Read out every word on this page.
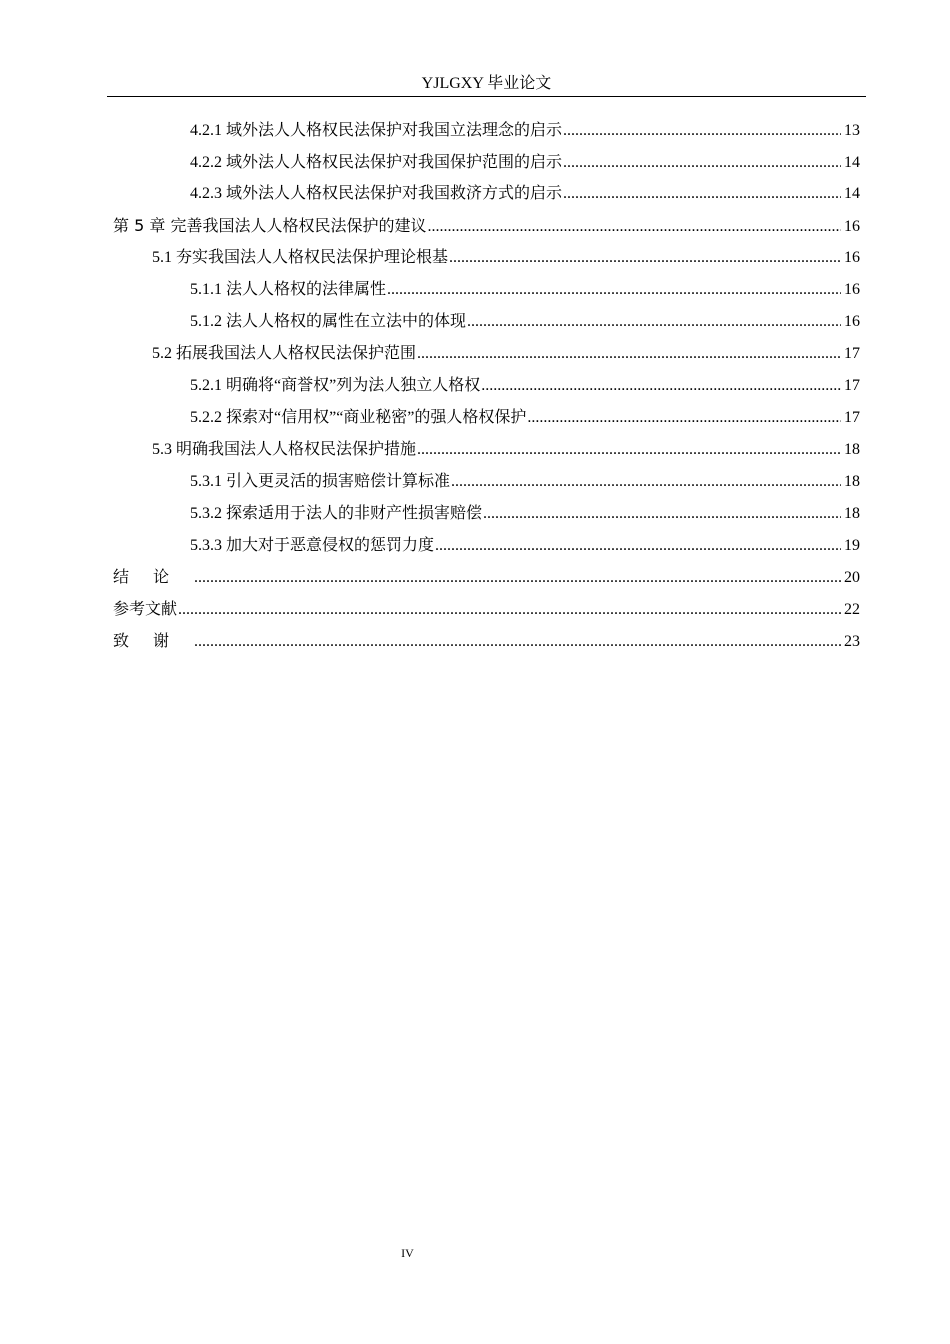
YJLGXY 毕业论文
4.2.1 域外法人人格权民法保护对我国立法理念的启示 .....	13
4.2.2 域外法人人格权民法保护对我国保护范围的启示 .....	14
4.2.3 域外法人人格权民法保护对我国救济方式的启示 .....	14
第 5 章 完善我国法人人格权民法保护的建议 .....	16
5.1 夯实我国法人人格权民法保护理论根基 .....	16
5.1.1 法人人格权的法律属性 .....	16
5.1.2 法人人格权的属性在立法中的体现 .....	16
5.2 拓展我国法人人格权民法保护范围 .....	17
5.2.1 明确将“商誉权”列为法人独立人格权 .....	17
5.2.2 探索对“信用权”“商业秘密”的强人格权保护 .....	17
5.3 明确我国法人人格权民法保护措施 .....	18
5.3.1 引入更灵活的损害赔偿计算标准 .....	18
5.3.2 探索适用于法人的非财产性损害赔偿 .....	18
5.3.3 加大对于恶意侵权的惩罚力度 .....	19
结论 .....	20
参考文献 .....	22
致谢 .....	23
IV
